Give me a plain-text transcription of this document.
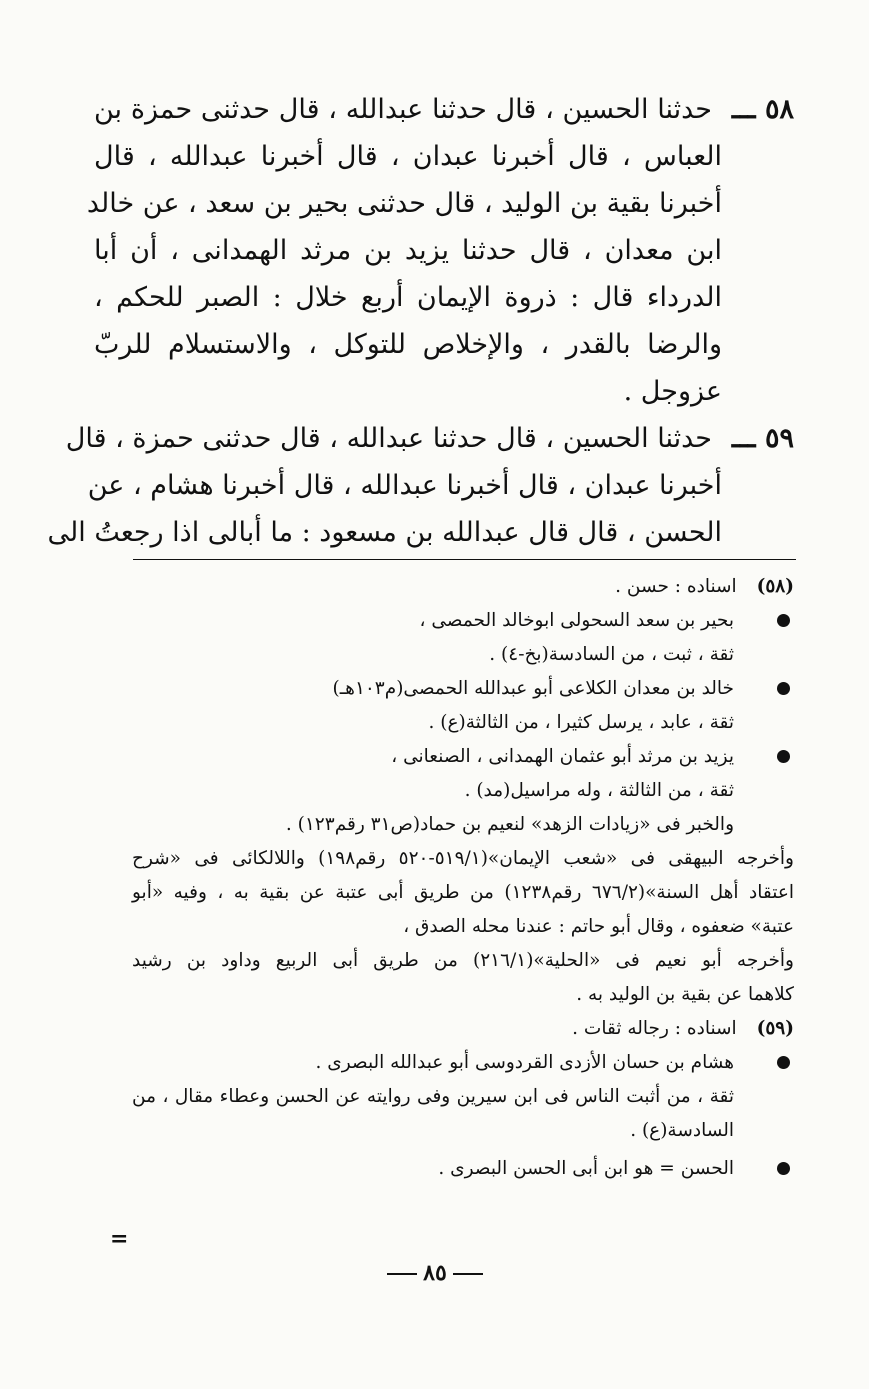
٥٨ ـــ
حدثنا الحسين ، قال حدثنا عبدالله ، قال حدثنى حمزة بن
العباس ، قال أخبرنا عبدان ، قال أخبرنا عبدالله ، قال
أخبرنا بقية بن الوليد ، قال حدثنى بحير بن سعد ، عن خالد
ابن معدان ، قال حدثنا يزيد بن مرثد الهمدانى ، أن أبا
الدرداء قال : ذروة الإيمان أربع خلال : الصبر للحكم ،
والرضا بالقدر ، والإخلاص للتوكل ، والاستسلام للربّ
عزوجل .
٥٩ ـــ
حدثنا الحسين ، قال حدثنا عبدالله ، قال حدثنى حمزة ، قال
أخبرنا عبدان ، قال أخبرنا عبدالله ، قال أخبرنا هشام ، عن
الحسن ، قال قال عبدالله بن مسعود : ما أبالى اذا رجعتُ الى
(٥٨) اسناده : حسن .
بحير بن سعد السحولى ابوخالد الحمصى ،
ثقة ، ثبت ، من السادسة(بخ-٤) .
خالد بن معدان الكلاعى أبو عبدالله الحمصى(م١٠٣هـ)
ثقة ، عابد ، يرسل كثيرا ، من الثالثة(ع) .
يزيد بن مرثد أبو عثمان الهمدانى ، الصنعانى ،
ثقة ، من الثالثة ، وله مراسيل(مد) .
والخبر فى «زيادات الزهد» لنعيم بن حماد(ص٣١ رقم١٢٣) .
وأخرجه البيهقى فى «شعب الإيمان»(٥١٩/١-٥٢٠ رقم١٩٨) واللالكائى فى «شرح
اعتقاد أهل السنة»(٦٧٦/٢ رقم١٢٣٨) من طريق أبى عتبة عن بقية به ، وفيه «أبو
عتبة» ضعفوه ، وقال أبو حاتم : عندنا محله الصدق ،
وأخرجه أبو نعيم فى «الحلية»(٢١٦/١) من طريق أبى الربيع وداود بن رشيد
كلاهما عن بقية بن الوليد به .
(٥٩) اسناده : رجاله ثقات .
هشام بن حسان الأزدى القردوسى أبو عبدالله البصرى .
ثقة ، من أثبت الناس فى ابن سيرين وفى روايته عن الحسن وعطاء مقال ، من
السادسة(ع) .
الحسن = هو ابن أبى الحسن البصرى .
=
٨٥
